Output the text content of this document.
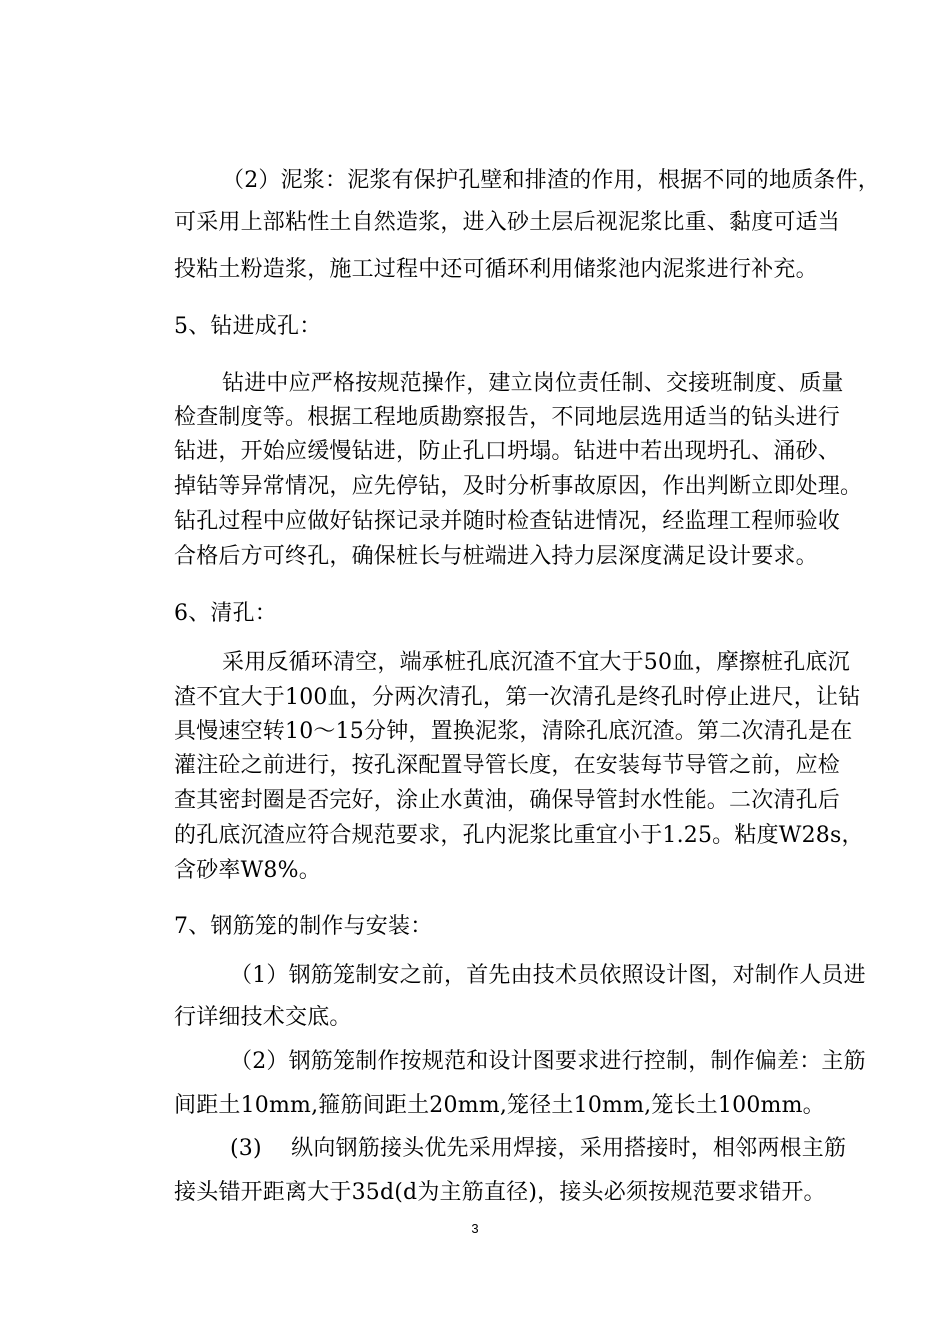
（2）泥浆：泥浆有保护孔壁和排渣的作用，根据不同的地质条件，
可采用上部粘性土自然造浆，进入砂土层后视泥浆比重、黏度可适当
投粘土粉造浆，施工过程中还可循环利用储浆池内泥浆进行补充。
5、钻进成孔：
钻进中应严格按规范操作，建立岗位责任制、交接班制度、质量
检查制度等。根据工程地质勘察报告，不同地层选用适当的钻头进行
钻进，开始应缓慢钻进，防止孔口坍塌。钻进中若出现坍孔、涌砂、
掉钻等异常情况，应先停钻，及时分析事故原因，作出判断立即处理。
钻孔过程中应做好钻探记录并随时检查钻进情况，经监理工程师验收
合格后方可终孔，确保桩长与桩端进入持力层深度满足设计要求。
6、清孔：
采用反循环清空，端承桩孔底沉渣不宜大于50血，摩擦桩孔底沉
渣不宜大于100血，分两次清孔，第一次清孔是终孔时停止进尺，让钻
具慢速空转10〜15分钟，置换泥浆，清除孔底沉渣。第二次清孔是在
灌注砼之前进行，按孔深配置导管长度，在安装每节导管之前，应检
查其密封圈是否完好，涂止水黄油，确保导管封水性能。二次清孔后
的孔底沉渣应符合规范要求，孔内泥浆比重宜小于1.25。粘度W28s，
含砂率W8%。
7、钢筋笼的制作与安装：
（1）钢筋笼制安之前，首先由技术员依照设计图，对制作人员进
行详细技术交底。
（2）钢筋笼制作按规范和设计图要求进行控制，制作偏差：主筋
间距土10mm,箍筋间距土20mm,笼径土10mm,笼长土100mm。
(3)　 纵向钢筋接头优先采用焊接，采用搭接时，相邻两根主筋
接头错开距离大于35d(d为主筋直径)，接头必须按规范要求错开。
3
